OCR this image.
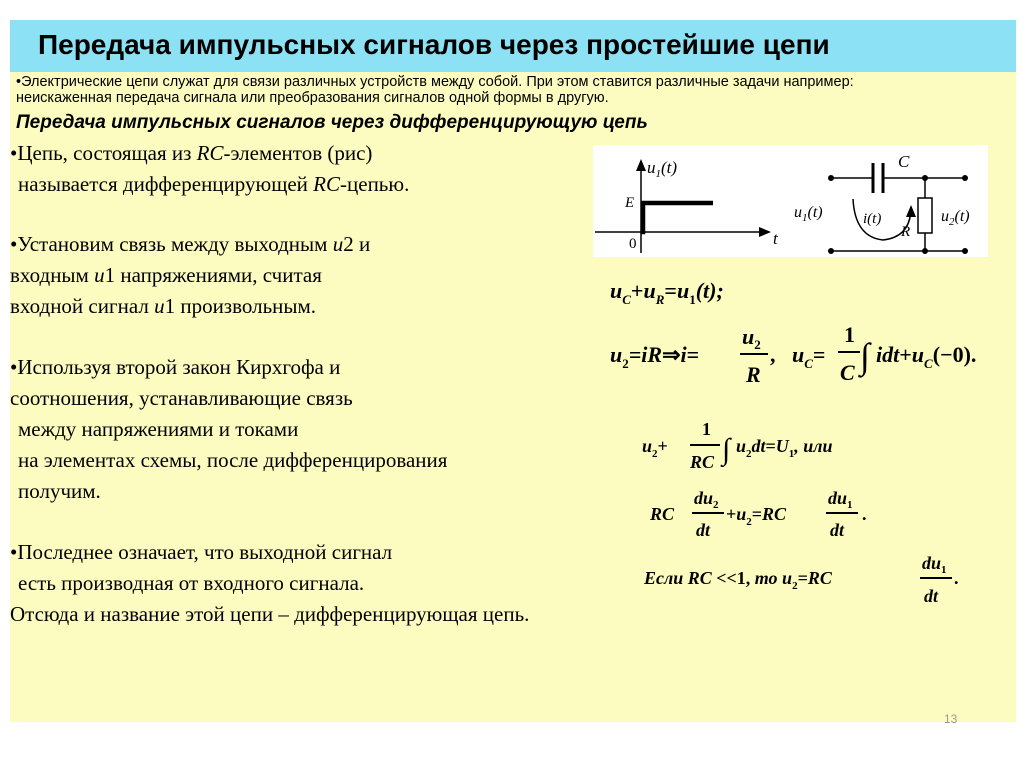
Передача импульсных сигналов через простейшие цепи
•Электрические цепи служат для связи различных устройств между собой. При этом ставится различные задачи например:
неискаженная передача сигнала или преобразования сигналов одной формы в другую.
Передача импульсных сигналов через дифференцирующую цепь
•Цепь, состоящая из RC-элементов (рис)
называется дифференцирующей RC-цепью.
•Установим связь между выходным u2 и
входным u1 напряжениями, считая
входной сигнал u1 произвольным.
•Используя второй закон Кирхгофа и
соотношения, устанавливающие связь
между напряжениями и токами
на элементах схемы, после дифференцирования
получим.
•Последнее означает, что выходной сигнал
есть производная от входного сигнала.
Отсюда и название этой цепи – дифференцирующая цепь.
$u_1(t)$
E
0	t
C
R
i(t)
$u_1(t)$	$u_2(t)$
$u_C+u_R=u_1(t)$;
$u_2=iR\Rightarrow i=$
$u_2$
R
, $u_C=$
1
C ∫ $idt+u_C(-0)$.
$u_2+$
1
RC ∫ $u_2dt=U_1$, или
RC
$du_2$
dt
$+u_2=RC$
$du_1$
dt
.
Если RC <<1, то $u_2=RC$
$du_1$
dt
.
13
